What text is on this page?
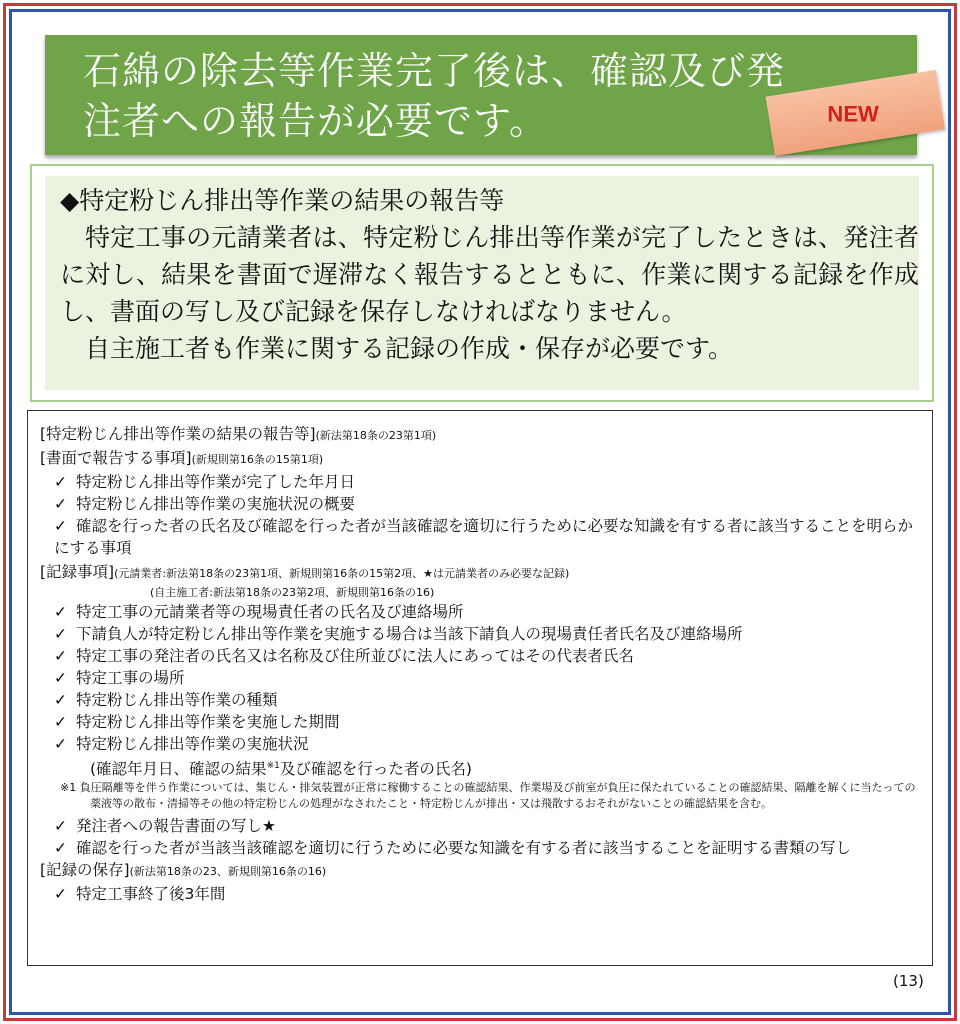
石綿の除去等作業完了後は、確認及び発
注者への報告が必要です。	NEW

◆特定粉じん排出等作業の結果の報告等

特定工事の元請業者は、特定粉じん排出等作業が完了したときは、発注者に対し、結果を書面で遅滞なく報告するとともに、作業に関する記録を作成し、書面の写し及び記録を保存しなければなりません。

自主施工者も作業に関する記録の作成・保存が必要です。

[特定粉じん排出等作業の結果の報告等](新法第18条の23第1項)
[書面で報告する事項](新規則第16条の15第1項)
✓ 特定粉じん排出等作業が完了した年月日
✓ 特定粉じん排出等作業の実施状況の概要
✓ 確認を行った者の氏名及び確認を行った者が当該確認を適切に行うために必要な知識を有する者に該当することを明らかにする事項
[記録事項](元請業者:新法第18条の23第1項、新規則第16条の15第2項、★は元請業者のみ必要な記録)
(自主施工者:新法第18条の23第2項、新規則第16条の16)
✓ 特定工事の元請業者等の現場責任者の氏名及び連絡場所
✓ 下請負人が特定粉じん排出等作業を実施する場合は当該下請負人の現場責任者氏名及び連絡場所
✓ 特定工事の発注者の氏名又は名称及び住所並びに法人にあってはその代表者氏名
✓ 特定工事の場所
✓ 特定粉じん排出等作業の種類
✓ 特定粉じん排出等作業を実施した期間
✓ 特定粉じん排出等作業の実施状況
(確認年月日、確認の結果$^{※1}$及び確認を行った者の氏名)
※1 負圧隔離等を伴う作業については、集じん・排気装置が正常に稼働することの確認結果、作業場及び前室が負圧に保たれていることの確認結果、隔離を解くに当たっての薬液等の散布・清掃等その他の特定粉じんの処理がなされたこと・特定粉じんが排出・又は飛散するおそれがないことの確認結果を含む。
✓ 発注者への報告書面の写し★
✓ 確認を行った者が当該当該確認を適切に行うために必要な知識を有する者に該当することを証明する書類の写し
[記録の保存](新法第18条の23、新規則第16条の16)
✓ 特定工事終了後3年間
(13)
